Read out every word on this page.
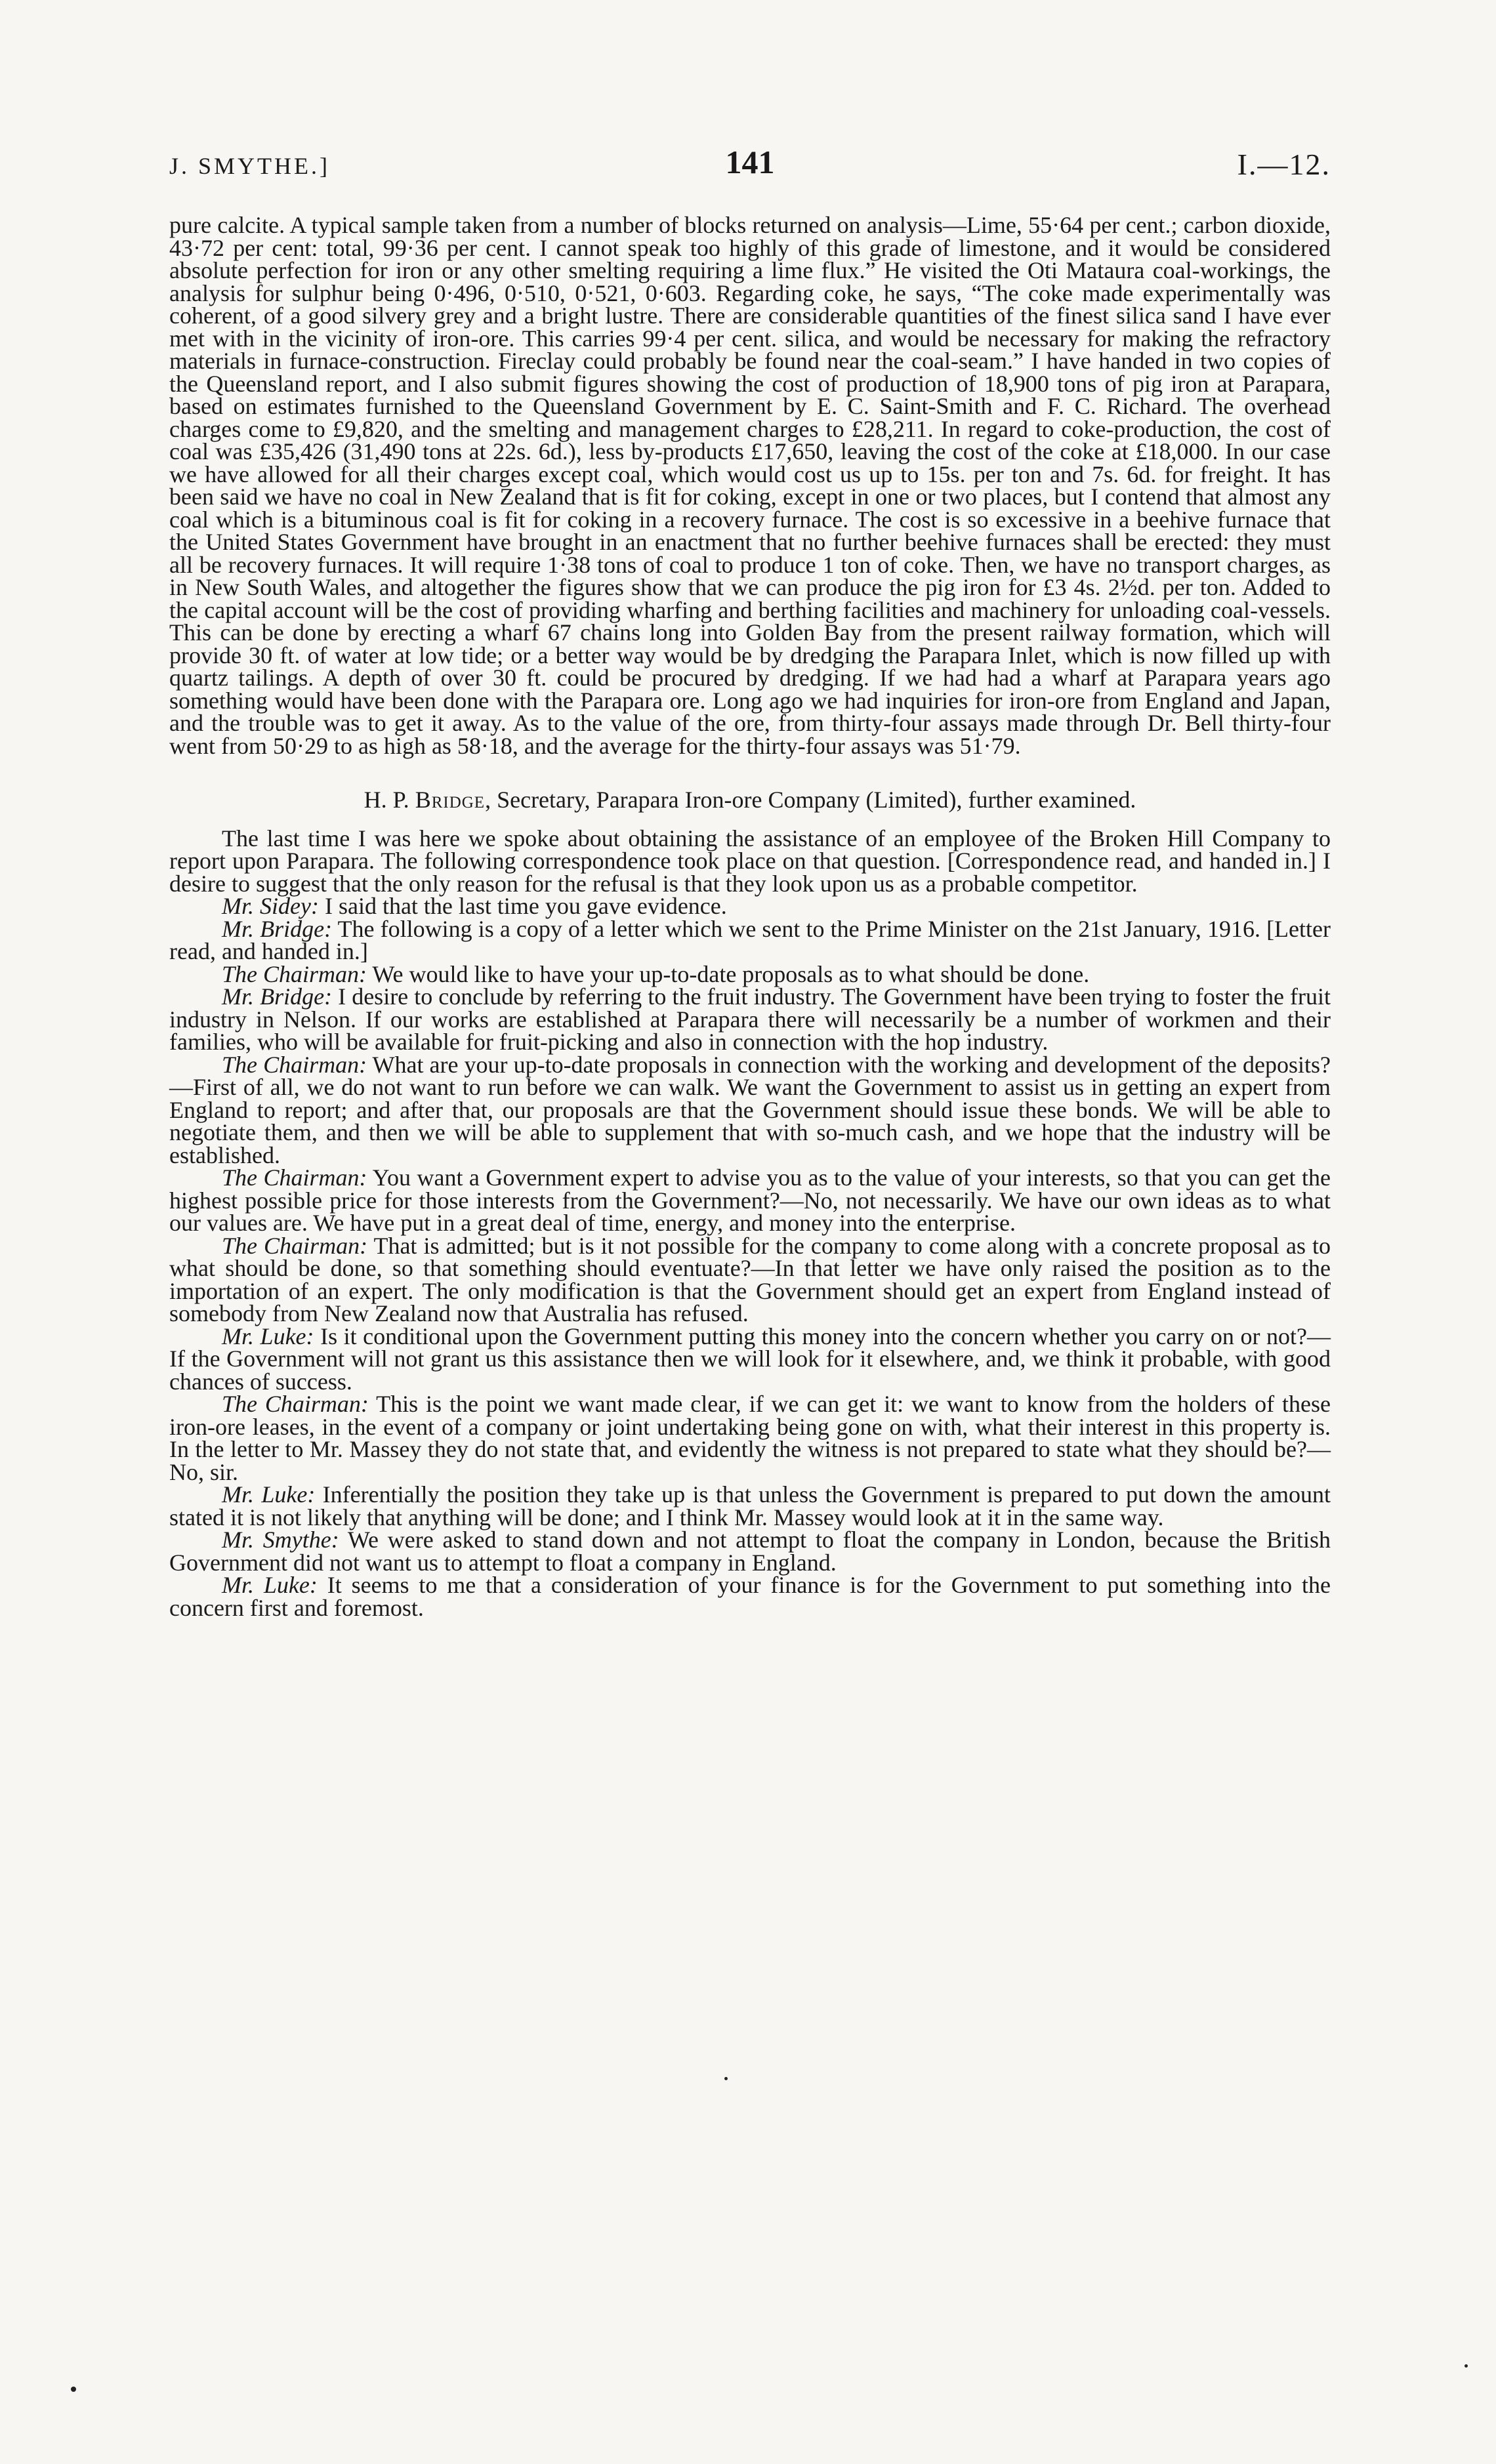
J. SMYTHE.]	141	I.—12.

pure calcite. A typical sample taken from a number of blocks returned on analysis—Lime, 55·64 per cent.; carbon dioxide, 43·72 per cent: total, 99·36 per cent. I cannot speak too highly of this grade of limestone, and it would be considered absolute perfection for iron or any other smelting requiring a lime flux.” He visited the Oti Mataura coal-workings, the analysis for sulphur being 0·496, 0·510, 0·521, 0·603. Regarding coke, he says, “The coke made experimentally was coherent, of a good silvery grey and a bright lustre. There are considerable quantities of the finest silica sand I have ever met with in the vicinity of iron-ore. This carries 99·4 per cent. silica, and would be necessary for making the refractory materials in furnace-construction. Fireclay could probably be found near the coal-seam.” I have handed in two copies of the Queensland report, and I also submit figures showing the cost of production of 18,900 tons of pig iron at Parapara, based on estimates furnished to the Queensland Government by E. C. Saint-Smith and F. C. Richard. The overhead charges come to £9,820, and the smelting and management charges to £28,211. In regard to coke-production, the cost of coal was £35,426 (31,490 tons at 22s. 6d.), less by-products £17,650, leaving the cost of the coke at £18,000. In our case we have allowed for all their charges except coal, which would cost us up to 15s. per ton and 7s. 6d. for freight. It has been said we have no coal in New Zealand that is fit for coking, except in one or two places, but I contend that almost any coal which is a bituminous coal is fit for coking in a recovery furnace. The cost is so excessive in a beehive furnace that the United States Government have brought in an enactment that no further beehive furnaces shall be erected: they must all be recovery furnaces. It will require 1·38 tons of coal to produce 1 ton of coke. Then, we have no transport charges, as in New South Wales, and altogether the figures show that we can produce the pig iron for £3 4s. 2½d. per ton. Added to the capital account will be the cost of providing wharfing and berthing facilities and machinery for unloading coal-vessels. This can be done by erecting a wharf 67 chains long into Golden Bay from the present railway formation, which will provide 30 ft. of water at low tide; or a better way would be by dredging the Parapara Inlet, which is now filled up with quartz tailings. A depth of over 30 ft. could be procured by dredging. If we had had a wharf at Parapara years ago something would have been done with the Parapara ore. Long ago we had inquiries for iron-ore from England and Japan, and the trouble was to get it away. As to the value of the ore, from thirty-four assays made through Dr. Bell thirty-four went from 50·29 to as high as 58·18, and the average for the thirty-four assays was 51·79.

H. P. Bridge, Secretary, Parapara Iron-ore Company (Limited), further examined.

The last time I was here we spoke about obtaining the assistance of an employee of the Broken Hill Company to report upon Parapara. The following correspondence took place on that question. [Correspondence read, and handed in.] I desire to suggest that the only reason for the refusal is that they look upon us as a probable competitor.

Mr. Sidey: I said that the last time you gave evidence.

Mr. Bridge: The following is a copy of a letter which we sent to the Prime Minister on the 21st January, 1916. [Letter read, and handed in.]

The Chairman: We would like to have your up-to-date proposals as to what should be done.

Mr. Bridge: I desire to conclude by referring to the fruit industry. The Government have been trying to foster the fruit industry in Nelson. If our works are established at Parapara there will necessarily be a number of workmen and their families, who will be available for fruit-picking and also in connection with the hop industry.

The Chairman: What are your up-to-date proposals in connection with the working and development of the deposits?—First of all, we do not want to run before we can walk. We want the Government to assist us in getting an expert from England to report; and after that, our proposals are that the Government should issue these bonds. We will be able to negotiate them, and then we will be able to supplement that with so-much cash, and we hope that the industry will be established.

The Chairman: You want a Government expert to advise you as to the value of your interests, so that you can get the highest possible price for those interests from the Government?—No, not necessarily. We have our own ideas as to what our values are. We have put in a great deal of time, energy, and money into the enterprise.

The Chairman: That is admitted; but is it not possible for the company to come along with a concrete proposal as to what should be done, so that something should eventuate?—In that letter we have only raised the position as to the importation of an expert. The only modification is that the Government should get an expert from England instead of somebody from New Zealand now that Australia has refused.

Mr. Luke: Is it conditional upon the Government putting this money into the concern whether you carry on or not?—If the Government will not grant us this assistance then we will look for it elsewhere, and, we think it probable, with good chances of success.

The Chairman: This is the point we want made clear, if we can get it: we want to know from the holders of these iron-ore leases, in the event of a company or joint undertaking being gone on with, what their interest in this property is. In the letter to Mr. Massey they do not state that, and evidently the witness is not prepared to state what they should be?—No, sir.

Mr. Luke: Inferentially the position they take up is that unless the Government is prepared to put down the amount stated it is not likely that anything will be done; and I think Mr. Massey would look at it in the same way.

Mr. Smythe: We were asked to stand down and not attempt to float the company in London, because the British Government did not want us to attempt to float a company in England.

Mr. Luke: It seems to me that a consideration of your finance is for the Government to put something into the concern first and foremost.
